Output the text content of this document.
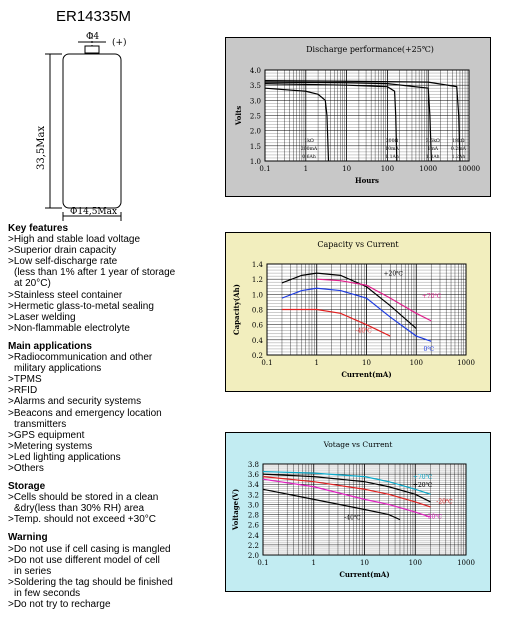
ER14335M
Φ4
(+)
33,5Max
Φ14,5Max
Key features
>High and stable load voltage
>Superior drain capacity
>Low self-discharge rate
(less than 1% after 1 year of storage
at 20°C)
>Stainless steel container
>Hermetic glass-to-metal sealing
>Laser welding
>Non-flammable electrolyte
Main applications
>Radiocommunication and other
military applications
>TPMS
>RFID
>Alarms and security systems
>Beacons and emergency location
transmitters
>GPS equipment
>Metering systems
>Led lighting applications
>Others
Storage
>Cells should be stored in a clean
&dry(less than 30% RH) area
>Temp. should not exceed +30°C
Warning
>Do not use if cell casing is mangled
>Do not use different model of cell
in series
>Soldering the tag should be finished
in few seconds
>Do not try to recharge
1.0
1.5
2.0
2.5
3.0
3.5
4.0
0.1	1	10	100	1000	10000
Discharge performance(+25℃)
Hours
Volts
1kΩ
200mA
0.6Ah
300Ω
10mA
1.1Ah
3.5kΩ
1mA
1.3Ah
18kΩ
0.2mA
1.2Ah
0.2
0.4
0.6
0.8
1.0
1.2
1.4
0.1	1	10	100	1000
Capacity vs Current
Current(mA)
Capacity(Ah)
+20℃
+70℃
0℃
-40℃
2.0
2.2
2.4
2.6
2.8
3.0
3.2
3.4
3.6
3.8
0.1	1	10	100	1000
Votage vs Current
Current(mA)
Voltage(V)
+70℃
+20℃
-20℃
-30℃
-40℃
